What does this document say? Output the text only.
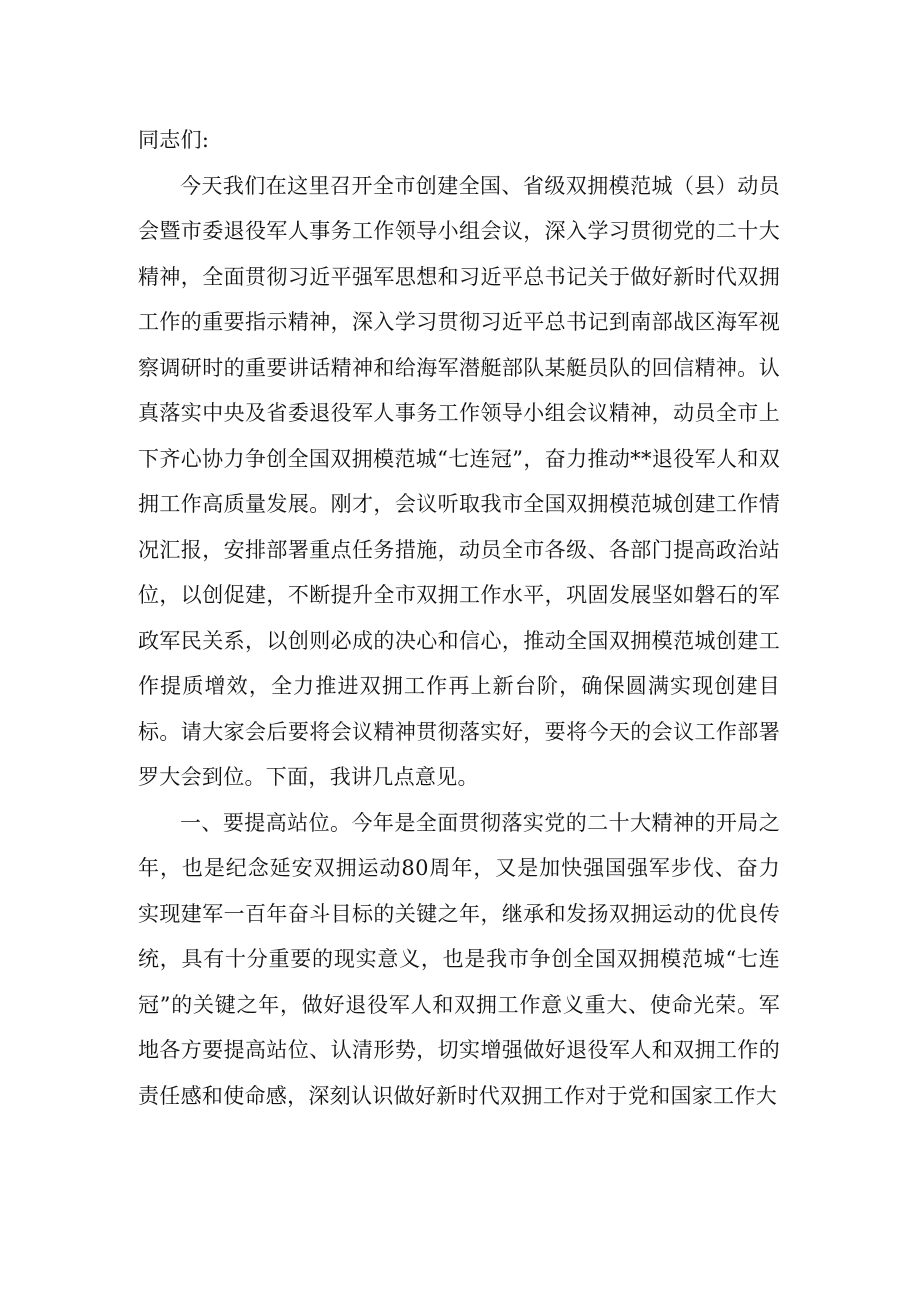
同志们:

今天我们在这里召开全市创建全国、省级双拥模范城（县）动员会暨市委退役军人事务工作领导小组会议，深入学习贯彻党的二十大精神，全面贯彻习近平强军思想和习近平总书记关于做好新时代双拥工作的重要指示精神，深入学习贯彻习近平总书记到南部战区海军视察调研时的重要讲话精神和给海军潜艇部队某艇员队的回信精神。认真落实中央及省委退役军人事务工作领导小组会议精神，动员全市上下齐心协力争创全国双拥模范城“七连冠”，奋力推动**退役军人和双拥工作高质量发展。刚才，会议听取我市全国双拥模范城创建工作情况汇报，安排部署重点任务措施，动员全市各级、各部门提高政治站位，以创促建，不断提升全市双拥工作水平，巩固发展坚如磐石的军政军民关系，以创则必成的决心和信心，推动全国双拥模范城创建工作提质增效，全力推进双拥工作再上新台阶，确保圆满实现创建目标。请大家会后要将会议精神贯彻落实好，要将今天的会议工作部署罗大会到位。下面，我讲几点意见。

一、要提高站位。今年是全面贯彻落实党的二十大精神的开局之年，也是纪念延安双拥运动80周年，又是加快强国强军步伐、奋力实现建军一百年奋斗目标的关键之年，继承和发扬双拥运动的优良传统，具有十分重要的现实意义，也是我市争创全国双拥模范城“七连冠”的关键之年，做好退役军人和双拥工作意义重大、使命光荣。军地各方要提高站位、认清形势，切实增强做好退役军人和双拥工作的责任感和使命感，深刻认识做好新时代双拥工作对于党和国家工作大
